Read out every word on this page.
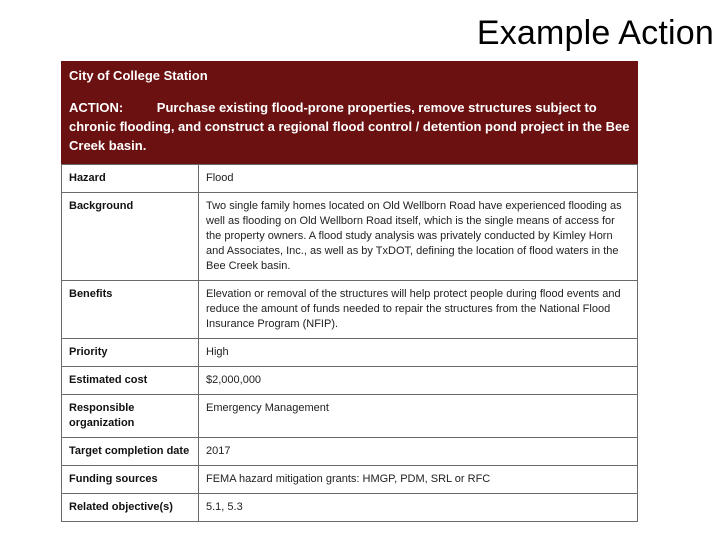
Example Action
City of College Station
ACTION:	Purchase existing flood-prone properties, remove structures subject to chronic flooding, and construct a regional flood control / detention pond project in the Bee Creek basin.
Hazard	Flood
Background	Two single family homes located on Old Wellborn Road have experienced flooding as well as flooding on Old Wellborn Road itself, which is the single means of access for the property owners. A flood study analysis was privately conducted by Kimley Horn and Associates, Inc., as well as by TxDOT, defining the location of flood waters in the Bee Creek basin.
Benefits	Elevation or removal of the structures will help protect people during flood events and reduce the amount of funds needed to repair the structures from the National Flood Insurance Program (NFIP).
Priority	High
Estimated cost	$2,000,000
Responsible organization	Emergency Management
Target completion date	2017
Funding sources	FEMA hazard mitigation grants: HMGP, PDM, SRL or RFC
Related objective(s)	5.1, 5.3
